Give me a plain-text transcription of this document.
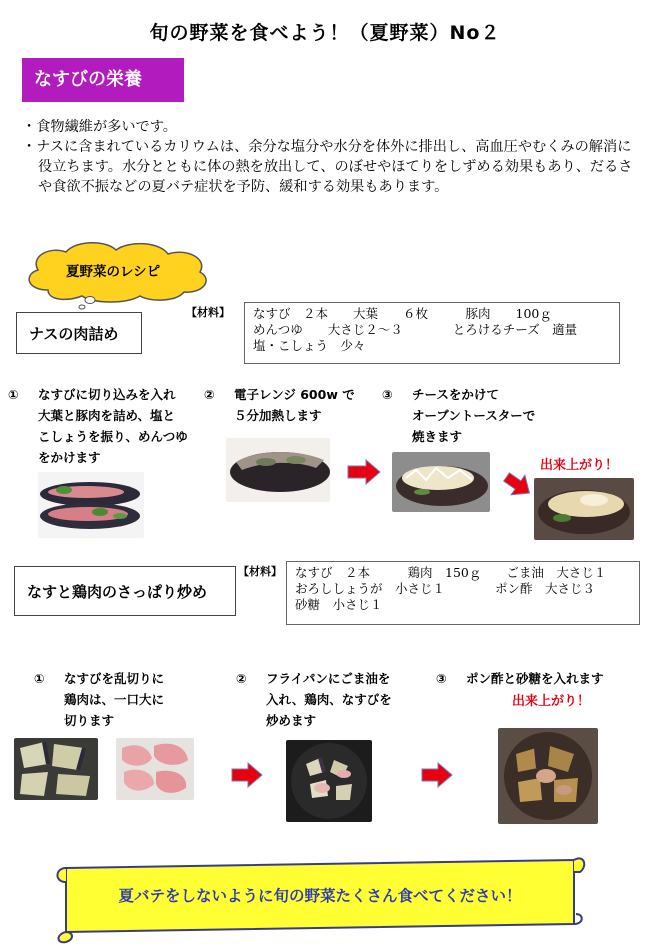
旬の野菜を食べよう！（夏野菜）No２
なすびの栄養

・食物繊維が多いです。

・ナスに含まれているカリウムは、余分な塩分や水分を体外に排出し、高血圧やむくみの解消に役立ちます。水分とともに体の熱を放出して、のぼせやほてりをしずめる効果もあり、だるさや食欲不振などの夏バテ症状を予防、緩和する効果もあります。

夏野菜のレシピ
ナスの肉詰め
【材料】 なすび　２本　　大葉　　６枚　　　豚肉　　100ｇ
めんつゆ　　大さじ２～３　　　　とろけるチーズ　適量
塩・こしょう　少々
①	なすびに切り込みを入れ
大葉と豚肉を詰め、塩と
こしょうを振り、めんつゆ
をかけます
②	電子レンジ 600w で
５分加熱します
③	チースをかけて
オーブントースターで
焼きます
出来上がり！
なすと鶏肉のさっぱり炒め
【材料】 なすび　２本　　　鶏肉　150ｇ　　ごま油　大さじ１
おろししょうが　小さじ１　　　　ポン酢　大さじ３
砂糖　小さじ１
①	なすびを乱切りに
鶏肉は、一口大に
切ります
②	フライパンにごま油を
入れ、鶏肉、なすびを
炒めます
③	ポン酢と砂糖を入れます
出来上がり！
夏バテをしないように旬の野菜たくさん食べてください！
